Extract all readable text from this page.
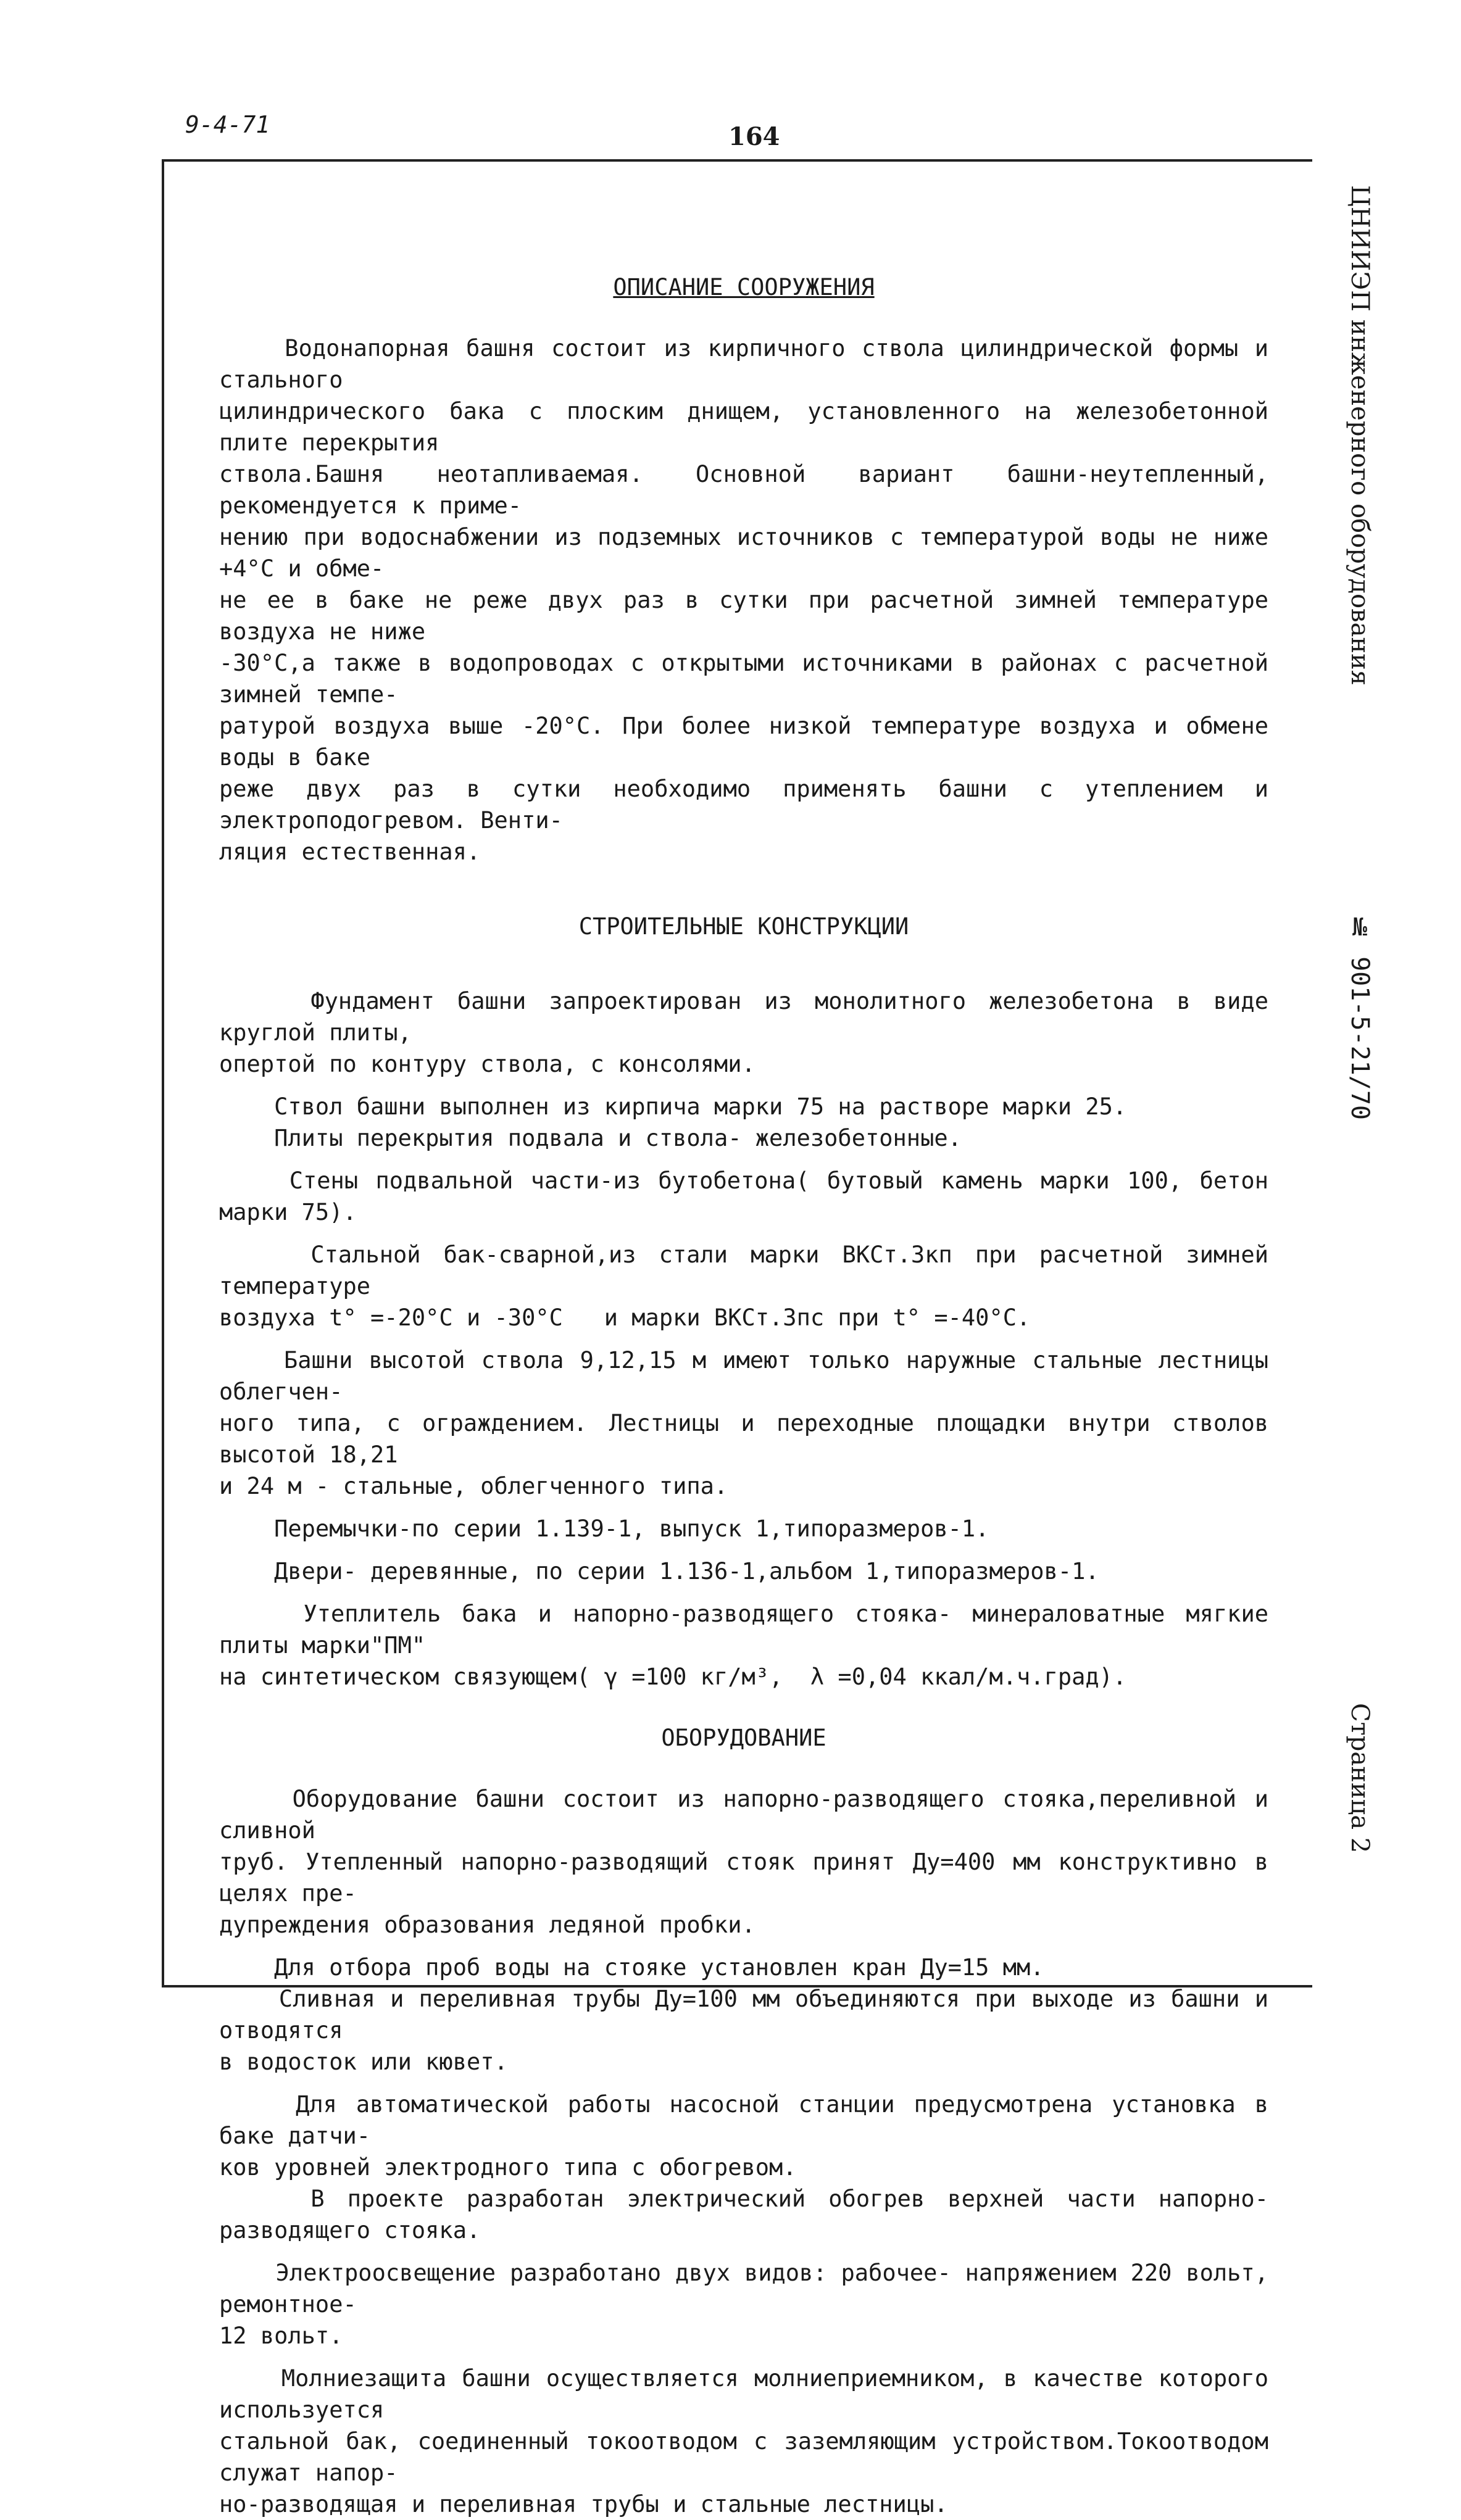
9-4-71	164
ЦНИИЭП инженерного оборудования
№ 901-5-21/70
Страница 2
ОПИСАНИЕ СООРУЖЕНИЯ

Водонапорная башня состоит из кирпичного ствола цилиндрической формы и стального
цилиндрического бака с плоским днищем, установленного на железобетонной плите перекрытия
ствола.Башня неотапливаемая. Основной вариант башни-неутепленный, рекомендуется к приме-
нению при водоснабжении из подземных источников с температурой воды не ниже +4°С и обме-
не ее в баке не реже двух раз в сутки при расчетной зимней температуре воздуха не ниже
-30°С,а также в водопроводах с открытыми источниками в районах с расчетной зимней темпе-
ратурой воздуха выше -20°С. При более низкой температуре воздуха и обмене воды в баке
реже двух раз в сутки необходимо применять башни с утеплением и электроподогревом. Венти-
ляция естественная.

СТРОИТЕЛЬНЫЕ КОНСТРУКЦИИ

Фундамент башни запроектирован из монолитного железобетона в виде круглой плиты,
опертой по контуру ствола, с консолями.

Ствол башни выполнен из кирпича марки 75 на растворе марки 25.

Плиты перекрытия подвала и ствола- железобетонные.

Стены подвальной части-из бутобетона( бутовый камень марки 100, бетон марки 75).

Стальной бак-сварной,из стали марки ВКСт.3кп при расчетной зимней температуре
воздуха t° =-20°С и -30°С   и марки ВКСт.3пс при t° =-40°С.

Башни высотой ствола 9,12,15 м имеют только наружные стальные лестницы облегчен-
ного типа, с ограждением. Лестницы и переходные площадки внутри стволов высотой 18,21
и 24 м - стальные, облегченного типа.

Перемычки-по серии 1.139-1, выпуск 1,типоразмеров-1.

Двери- деревянные, по серии 1.136-1,альбом 1,типоразмеров-1.

Утеплитель бака и напорно-разводящего стояка- минераловатные мягкие плиты марки"ПМ"
на синтетическом связующем( γ =100 кг/м³,  λ =0,04 ккал/м.ч.град).

ОБОРУДОВАНИЕ

Оборудование башни состоит из напорно-разводящего стояка,переливной и сливной
труб. Утепленный напорно-разводящий стояк принят Ду=400 мм конструктивно в целях пре-
дупреждения образования ледяной пробки.

Для отбора проб воды на стояке установлен кран Ду=15 мм.

Сливная и переливная трубы Ду=100 мм объединяются при выходе из башни и отводятся
в водосток или кювет.

Для автоматической работы насосной станции предусмотрена установка в баке датчи-
ков уровней электродного типа с обогревом.

В проекте разработан электрический обогрев верхней части напорно-разводящего стояка.

Электроосвещение разработано двух видов: рабочее- напряжением 220 вольт, ремонтное-
12 вольт.

Молниезащита башни осуществляется молниеприемником, в качестве которого используется
стальной бак, соединенный токоотводом с заземляющим устройством.Токоотводом служат напор-
но-разводящая и переливная трубы и стальные лестницы.
